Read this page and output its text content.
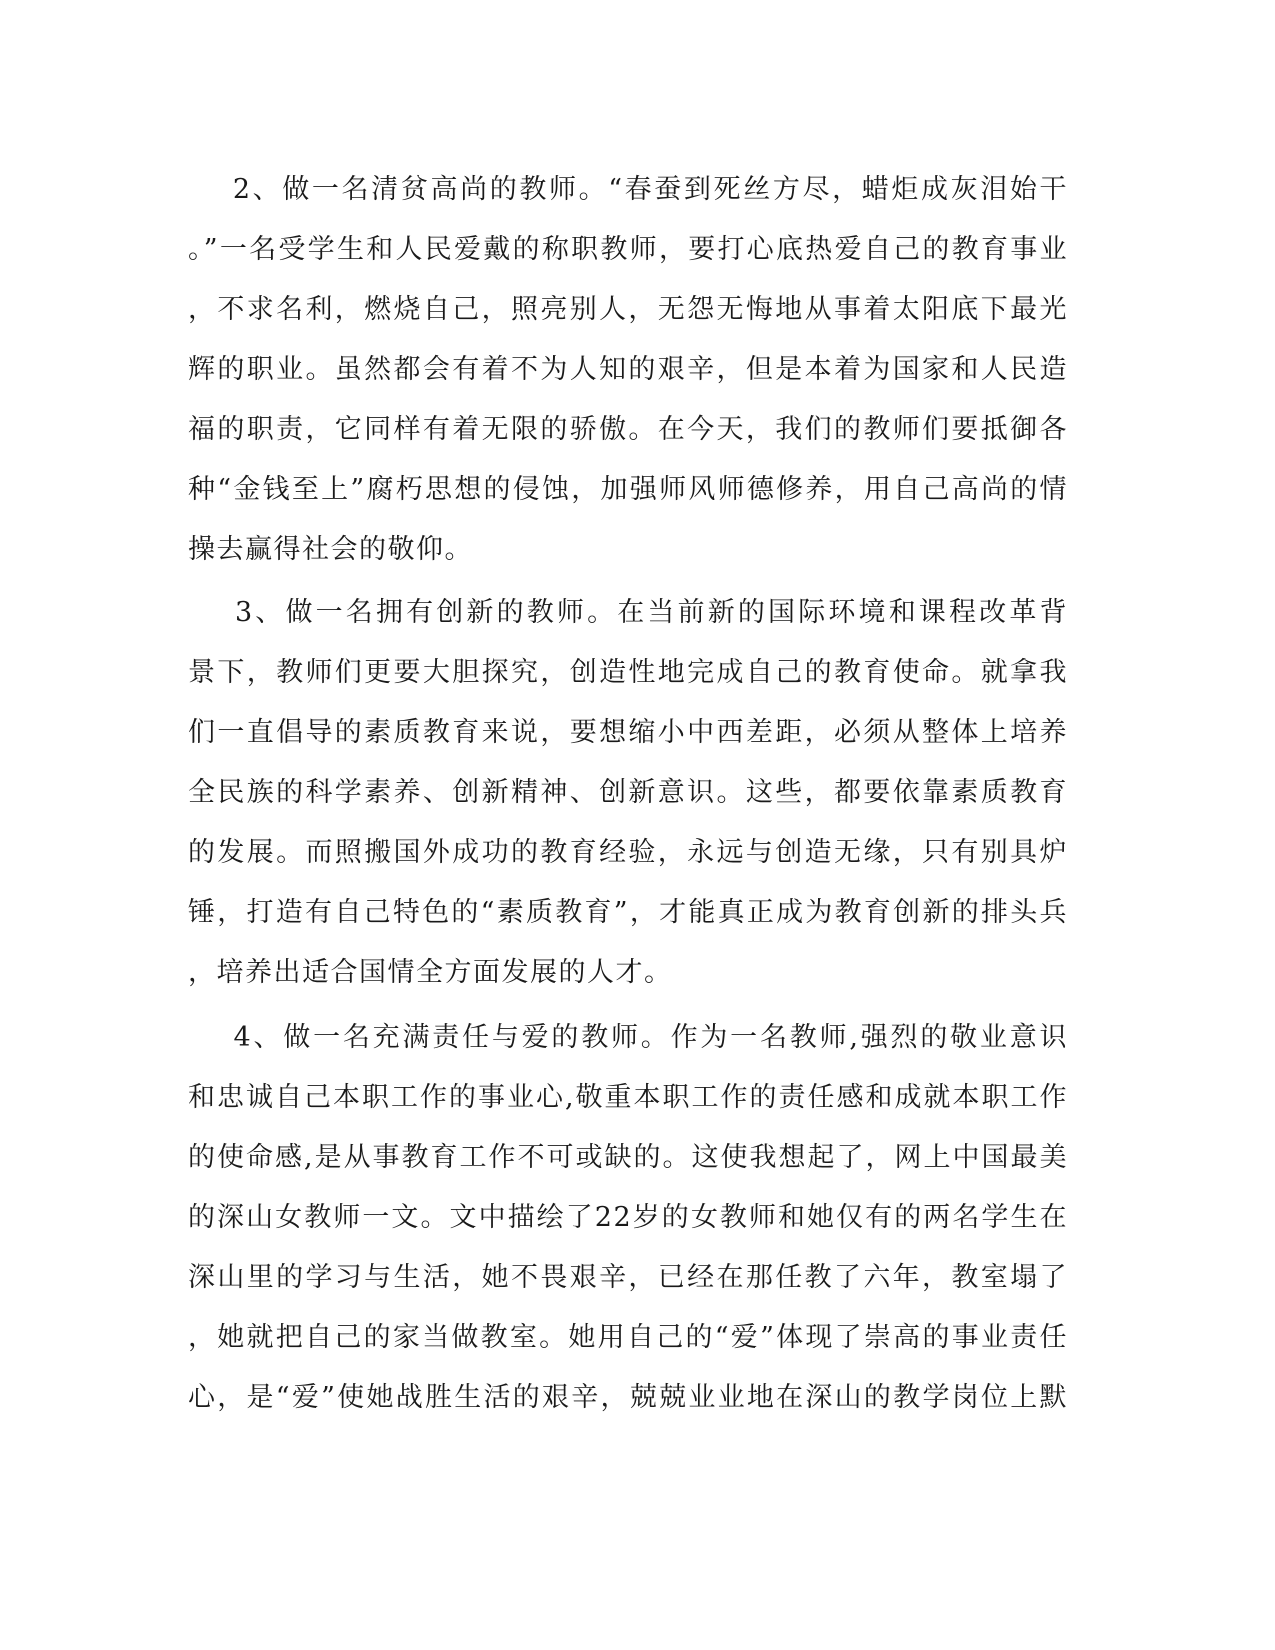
2、做一名清贫高尚的教师。“春蚕到死丝方尽，蜡炬成灰泪始干
。”一名受学生和人民爱戴的称职教师，要打心底热爱自己的教育事业
，不求名利，燃烧自己，照亮别人，无怨无悔地从事着太阳底下最光
辉的职业。虽然都会有着不为人知的艰辛，但是本着为国家和人民造
福的职责，它同样有着无限的骄傲。在今天，我们的教师们要抵御各
种“金钱至上”腐朽思想的侵蚀，加强师风师德修养，用自己高尚的情
操去赢得社会的敬仰。
3、做一名拥有创新的教师。在当前新的国际环境和课程改革背
景下，教师们更要大胆探究，创造性地完成自己的教育使命。就拿我
们一直倡导的素质教育来说，要想缩小中西差距，必须从整体上培养
全民族的科学素养、创新精神、创新意识。这些，都要依靠素质教育
的发展。而照搬国外成功的教育经验，永远与创造无缘，只有别具炉
锤，打造有自己特色的“素质教育”，才能真正成为教育创新的排头兵
，培养出适合国情全方面发展的人才。
4、做一名充满责任与爱的教师。作为一名教师,强烈的敬业意识
和忠诚自己本职工作的事业心,敬重本职工作的责任感和成就本职工作
的使命感,是从事教育工作不可或缺的。这使我想起了，网上中国最美
的深山女教师一文。文中描绘了22岁的女教师和她仅有的两名学生在
深山里的学习与生活，她不畏艰辛，已经在那任教了六年，教室塌了
，她就把自己的家当做教室。她用自己的“爱”体现了崇高的事业责任
心，是“爱”使她战胜生活的艰辛，兢兢业业地在深山的教学岗位上默
